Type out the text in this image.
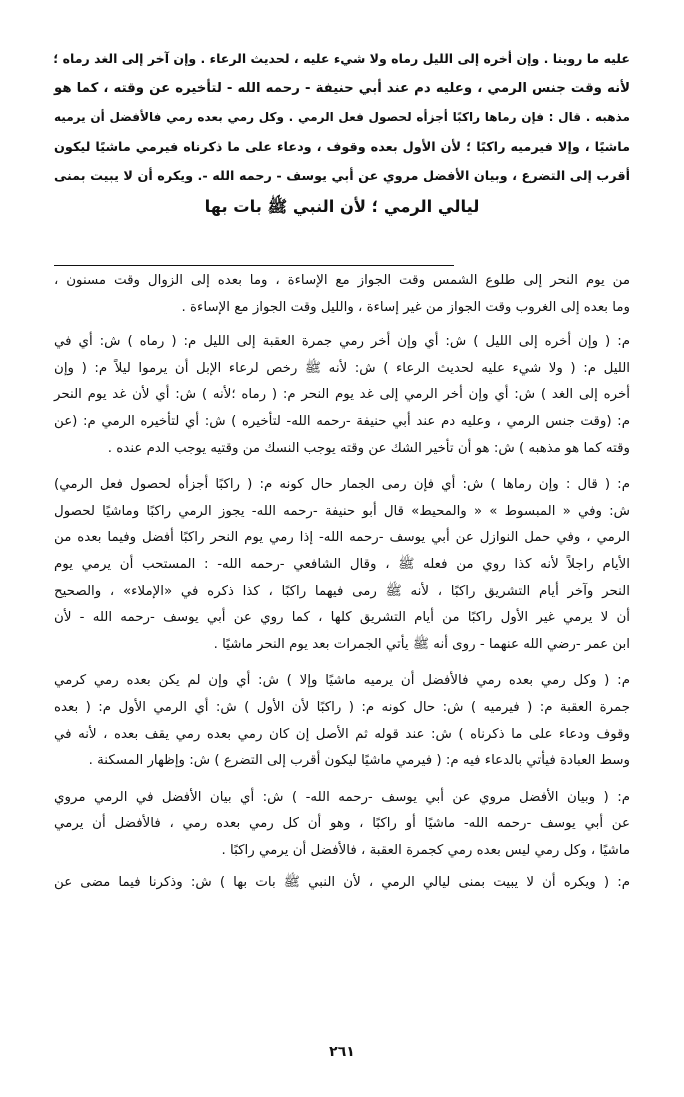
عليه ما روينا . وإن أخره إلى الليل رماه ولا شيء عليه ، لحديث الرعاء . وإن آخر إلى الغد رماه ؛
لأنه وقت جنس الرمي ، وعليه دم عند أبي حنيفة - رحمه الله - لتأخيره عن وقته ، كما هو
مذهبه . قال : فإن رماها راكبًا أجزأه لحصول فعل الرمي . وكل رمي بعده رمي فالأفضل أن يرميه
ماشيًا ، وإلا فيرميه راكبًا ؛ لأن الأول بعده وقوف ، ودعاء على ما ذكرناه فيرمي ماشيًا ليكون
أقرب إلى التضرع ، وبيان الأفضل مروي عن أبي يوسف - رحمه الله -. ويكره أن لا يبيت بمنى
ليالي الرمي ؛ لأن النبي ﷺ بات بها
من يوم النحر إلى طلوع الشمس وقت الجواز مع الإساءة ، وما بعده إلى الزوال وقت مسنون ،
وما بعده إلى الغروب وقت الجواز من غير إساءة ، والليل وقت الجواز مع الإساءة .
م: ( وإن أخره إلى الليل ) ش: أي وإن أخر رمي جمرة العقبة إلى الليل م: ( رماه ) ش: أي في
الليل م: ( ولا شيء عليه لحديث الرعاء ) ش: لأنه ﷺ رخص لرعاء الإبل أن يرموا ليلاً م: ( وإن
أخره إلى الغد ) ش: أي وإن أخر الرمي إلى غد يوم النحر م: ( رماه ؛لأنه ) ش: أي لأن غد يوم النحر
م: (وقت جنس الرمي ، وعليه دم عند أبي حنيفة -رحمه الله- لتأخيره ) ش: أي لتأخيره الرمي م: (عن
وقته كما هو مذهبه ) ش: هو أن تأخير الشك عن وقته يوجب النسك من وقتيه يوجب الدم عنده .
م: ( قال : وإن رماها ) ش: أي فإن رمى الجمار حال كونه م: ( راكبًا أجزأه لحصول فعل الرمي)
ش: وفي « المبسوط » « والمحيط» قال أبو حنيفة -رحمه الله- يجوز الرمي راكبًا وماشيًا لحصول
الرمي ، وفي حمل النوازل عن أبي يوسف -رحمه الله- إذا رمي يوم النحر راكبًا أفضل وفيما بعده من
الأيام راجلاً لأنه كذا روي من فعله ﷺ ، وقال الشافعي -رحمه الله- : المستحب أن يرمي يوم
النحر وآخر أيام التشريق راكبًا ، لأنه ﷺ رمى فيهما راكبًا ، كذا ذكره في «الإملاء» ، والصحيح
أن لا يرمي غير الأول راكبًا من أيام التشريق كلها ، كما روي عن أبي يوسف -رحمه الله - لأن
ابن عمر -رضي الله عنهما - روى أنه ﷺ يأتي الجمرات بعد يوم النحر ماشيًا .
م: ( وكل رمي بعده رمي فالأفضل أن يرميه ماشيًا وإلا ) ش: أي وإن لم يكن بعده رمي كرمي
جمرة العقبة م: ( فيرميه ) ش: حال كونه م: ( راكبًا لأن الأول ) ش: أي الرمي الأول م: ( بعده
وقوف ودعاء على ما ذكرناه ) ش: عند قوله ثم الأصل إن كان رمي بعده رمي يقف بعده ، لأنه في
وسط العبادة فيأتي بالدعاء فيه م: ( فيرمي ماشيًا ليكون أقرب إلى التضرع ) ش: وإظهار المسكنة .
م: ( وبيان الأفضل مروي عن أبي يوسف -رحمه الله- ) ش: أي بيان الأفضل في الرمي مروي
عن أبي يوسف -رحمه الله- ماشيًا أو راكبًا ، وهو أن كل رمي بعده رمي ، فالأفضل أن يرمي
ماشيًا ، وكل رمي ليس بعده رمي كجمرة العقبة ، فالأفضل أن يرمي راكبًا .
م: ( ويكره أن لا يبيت بمنى ليالي الرمي ، لأن النبي ﷺ بات بها ) ش: وذكرنا فيما مضى عن
٢٦١
